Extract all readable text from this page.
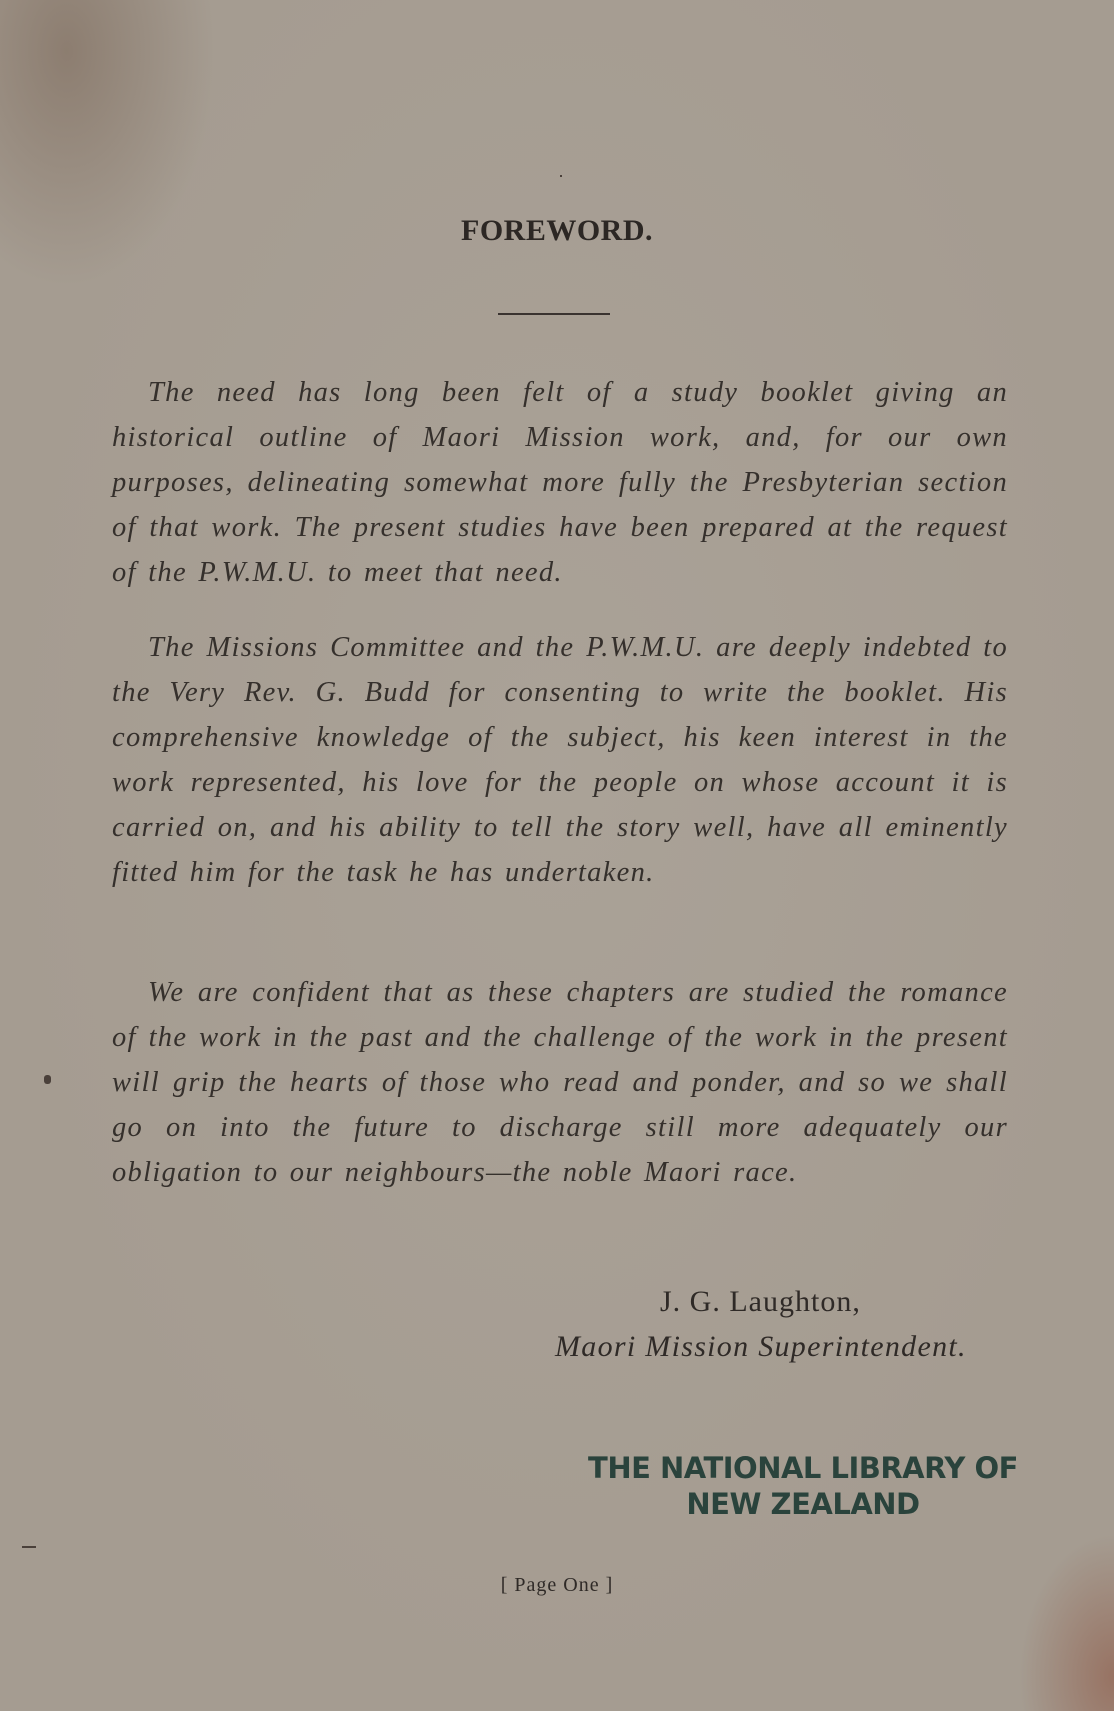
FOREWORD.

The need has long been felt of a study booklet giving an historical outline of Maori Mission work, and, for our own purposes, delineating somewhat more fully the Presbyterian section of that work. The present studies have been prepared at the request of the P.W.M.U. to meet that need.

The Missions Committee and the P.W.M.U. are deeply indebted to the Very Rev. G. Budd for consenting to write the booklet. His comprehensive knowledge of the subject, his keen interest in the work represented, his love for the people on whose account it is carried on, and his ability to tell the story well, have all eminently fitted him for the task he has undertaken.

We are confident that as these chapters are studied the romance of the work in the past and the challenge of the work in the present will grip the hearts of those who read and ponder, and so we shall go on into the future to discharge still more adequately our obligation to our neighbours—the noble Maori race.

J. G. Laughton,
Maori Mission Superintendent.
THE NATIONAL LIBRARY OF
NEW ZEALAND
[ Page One ]
